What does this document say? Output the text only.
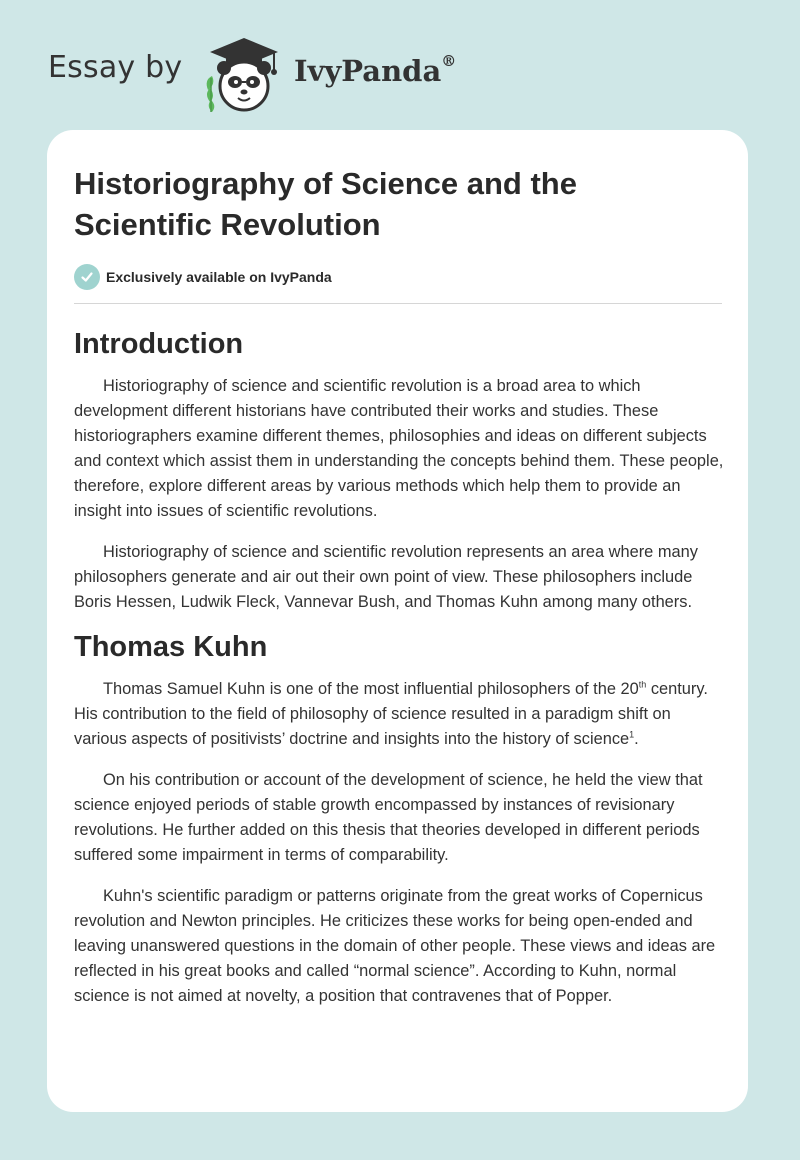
Essay by	IvyPanda®
Historiography of Science and the Scientific Revolution
Exclusively available on IvyPanda
Introduction

Historiography of science and scientific revolution is a broad area to which development different historians have contributed their works and studies. These historiographers examine different themes, philosophies and ideas on different subjects and context which assist them in understanding the concepts behind them. These people, therefore, explore different areas by various methods which help them to provide an insight into issues of scientific revolutions.

Historiography of science and scientific revolution represents an area where many philosophers generate and air out their own point of view. These philosophers include Boris Hessen, Ludwik Fleck, Vannevar Bush, and Thomas Kuhn among many others.

Thomas Kuhn

Thomas Samuel Kuhn is one of the most influential philosophers of the 20th century. His contribution to the field of philosophy of science resulted in a paradigm shift on various aspects of positivists’ doctrine and insights into the history of science$^1$.

On his contribution or account of the development of science, he held the view that science enjoyed periods of stable growth encompassed by instances of revisionary revolutions. He further added on this thesis that theories developed in different periods suffered some impairment in terms of comparability.

Kuhn's scientific paradigm or patterns originate from the great works of Copernicus revolution and Newton principles. He criticizes these works for being open-ended and leaving unanswered questions in the domain of other people. These views and ideas are reflected in his great books and called “normal science”. According to Kuhn, normal science is not aimed at novelty, a position that contravenes that of Popper.
